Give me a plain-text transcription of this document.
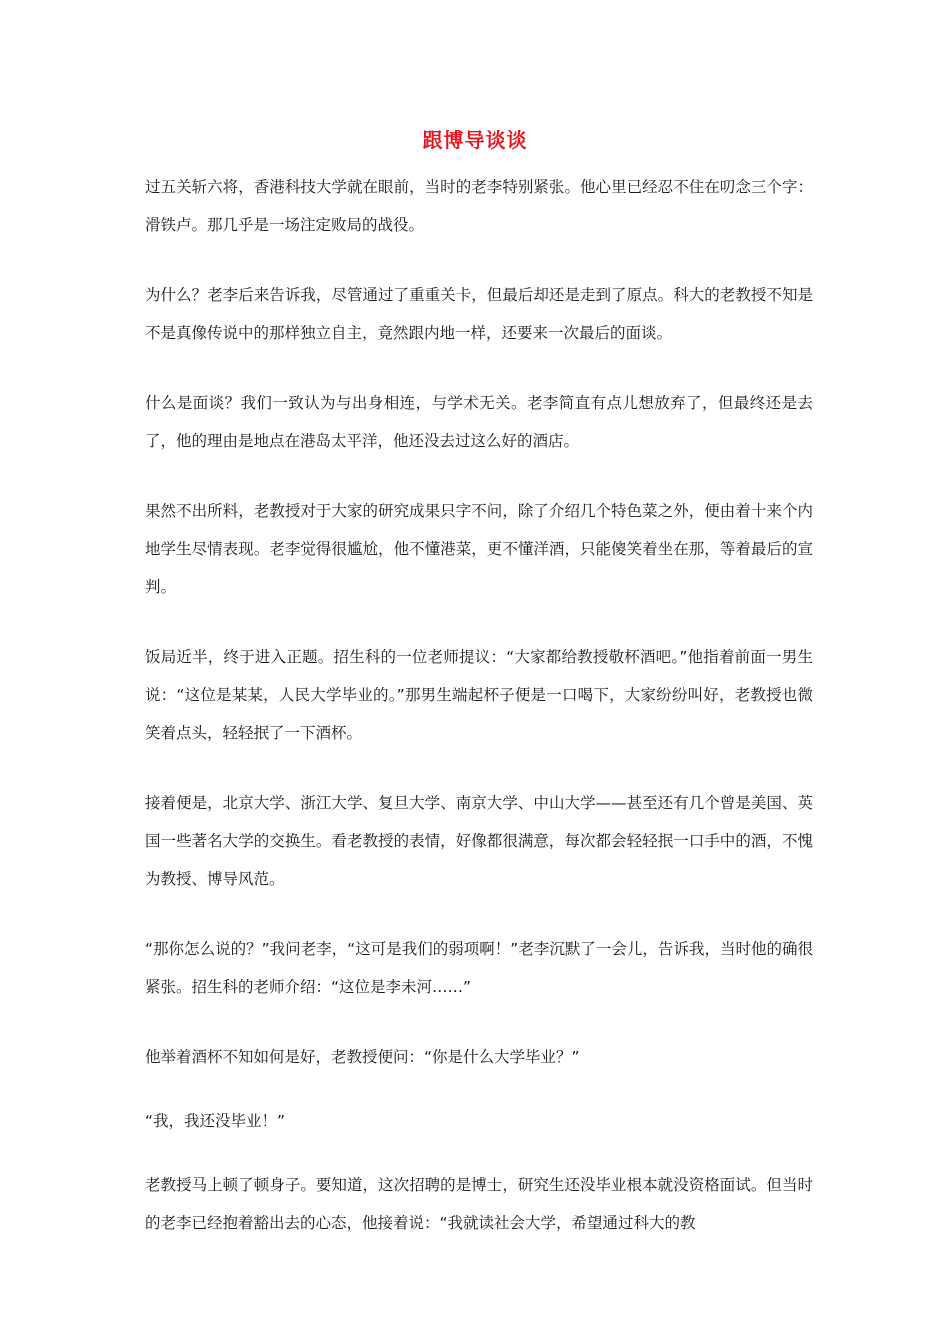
跟博导谈谈

过五关斩六将，香港科技大学就在眼前，当时的老李特别紧张。他心里已经忍不住在叨念三个字：滑铁卢。那几乎是一场注定败局的战役。

为什么？老李后来告诉我，尽管通过了重重关卡，但最后却还是走到了原点。科大的老教授不知是不是真像传说中的那样独立自主，竟然跟内地一样，还要来一次最后的面谈。

什么是面谈？我们一致认为与出身相连，与学术无关。老李简直有点儿想放弃了，但最终还是去了，他的理由是地点在港岛太平洋，他还没去过这么好的酒店。

果然不出所料，老教授对于大家的研究成果只字不问，除了介绍几个特色菜之外，便由着十来个内地学生尽情表现。老李觉得很尴尬，他不懂港菜，更不懂洋酒，只能傻笑着坐在那，等着最后的宣判。

饭局近半，终于进入正题。招生科的一位老师提议：“大家都给教授敬杯酒吧。”他指着前面一男生说：“这位是某某，人民大学毕业的。”那男生端起杯子便是一口喝下，大家纷纷叫好，老教授也微笑着点头，轻轻抿了一下酒杯。

接着便是，北京大学、浙江大学、复旦大学、南京大学、中山大学——甚至还有几个曾是美国、英国一些著名大学的交换生。看老教授的表情，好像都很满意，每次都会轻轻抿一口手中的酒，不愧为教授、博导风范。

“那你怎么说的？”我问老李，“这可是我们的弱项啊！”老李沉默了一会儿，告诉我，当时他的确很紧张。招生科的老师介绍：“这位是李未河……”

他举着酒杯不知如何是好，老教授便问：“你是什么大学毕业？”

“我，我还没毕业！”

老教授马上顿了顿身子。要知道，这次招聘的是博士，研究生还没毕业根本就没资格面试。但当时的老李已经抱着豁出去的心态，他接着说：“我就读社会大学，希望通过科大的教
